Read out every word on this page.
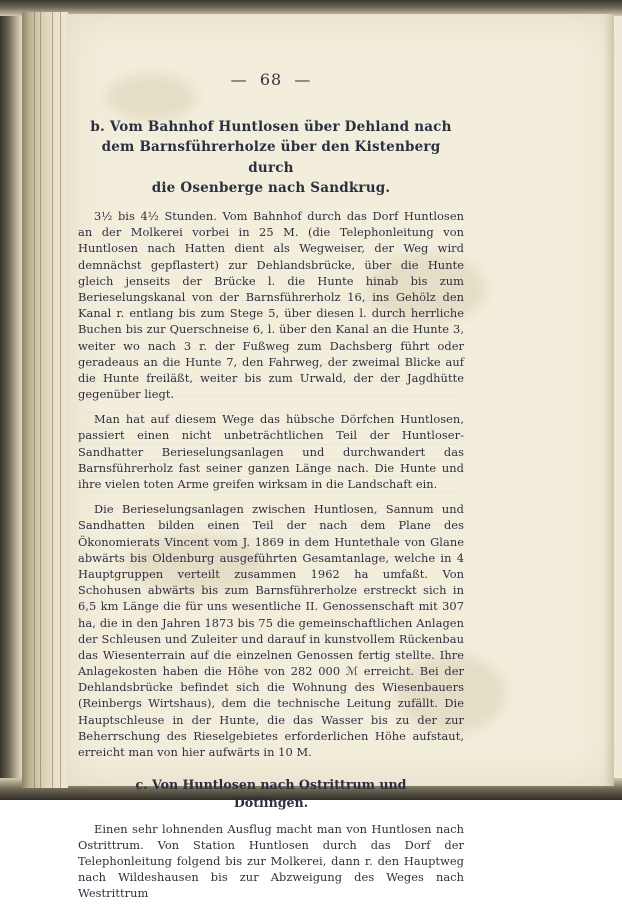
—  68  —
b. Vom Bahnhof Huntlosen über Dehland nach
dem Barnsführerholze über den Kistenberg durch
die Osenberge nach Sandkrug.

3½ bis 4½ Stunden. Vom Bahnhof durch das Dorf Huntlosen an der Molkerei vorbei in 25 M. (die Telephonleitung von Huntlosen nach Hatten dient als Wegweiser, der Weg wird demnächst gepflastert) zur Dehlandsbrücke, über die Hunte gleich jenseits der Brücke l. die Hunte hinab bis zum Berieselungskanal von der Barnsführerholz 16, ins Gehölz den Kanal r. entlang bis zum Stege 5, über diesen l. durch herrliche Buchen bis zur Querschneise 6, l. über den Kanal an die Hunte 3, weiter wo nach 3 r. der Fußweg zum Dachsberg führt oder geradeaus an die Hunte 7, den Fahrweg, der zweimal Blicke auf die Hunte freiläßt, weiter bis zum Urwald, der der Jagdhütte gegenüber liegt.

Man hat auf diesem Wege das hübsche Dörfchen Huntlosen, passiert einen nicht unbeträchtlichen Teil der Huntloser-Sandhatter Berieselungsanlagen und durchwandert das Barnsführerholz fast seiner ganzen Länge nach. Die Hunte und ihre vielen toten Arme greifen wirksam in die Landschaft ein.

Die Berieselungsanlagen zwischen Huntlosen, Sannum und Sandhatten bilden einen Teil der nach dem Plane des Ökonomierats Vincent vom J. 1869 in dem Huntethale von Glane abwärts bis Oldenburg ausgeführten Gesamtanlage, welche in 4 Hauptgruppen verteilt zusammen 1962 ha umfaßt. Von Schohusen abwärts bis zum Barnsführerholze erstreckt sich in 6,5 km Länge die für uns wesentliche II. Genossenschaft mit 307 ha, die in den Jahren 1873 bis 75 die gemeinschaftlichen Anlagen der Schleusen und Zuleiter und darauf in kunstvollem Rückenbau das Wiesenterrain auf die einzelnen Genossen fertig stellte. Ihre Anlagekosten haben die Höhe von 282 000 ℳ erreicht. Bei der Dehlandsbrücke befindet sich die Wohnung des Wiesenbauers (Reinbergs Wirtshaus), dem die technische Leitung zufällt. Die Hauptschleuse in der Hunte, die das Wasser bis zu der zur Beherrschung des Rieselgebietes erforderlichen Höhe aufstaut, erreicht man von hier aufwärts in 10 M.

c. Von Huntlosen nach Ostrittrum und
Dötlingen.

Einen sehr lohnenden Ausflug macht man von Huntlosen nach Ostrittrum. Von Station Huntlosen durch das Dorf der Telephonleitung folgend bis zur Molkerei, dann r. den Hauptweg nach Wildeshausen bis zur Abzweigung des Weges nach Westrittrum
